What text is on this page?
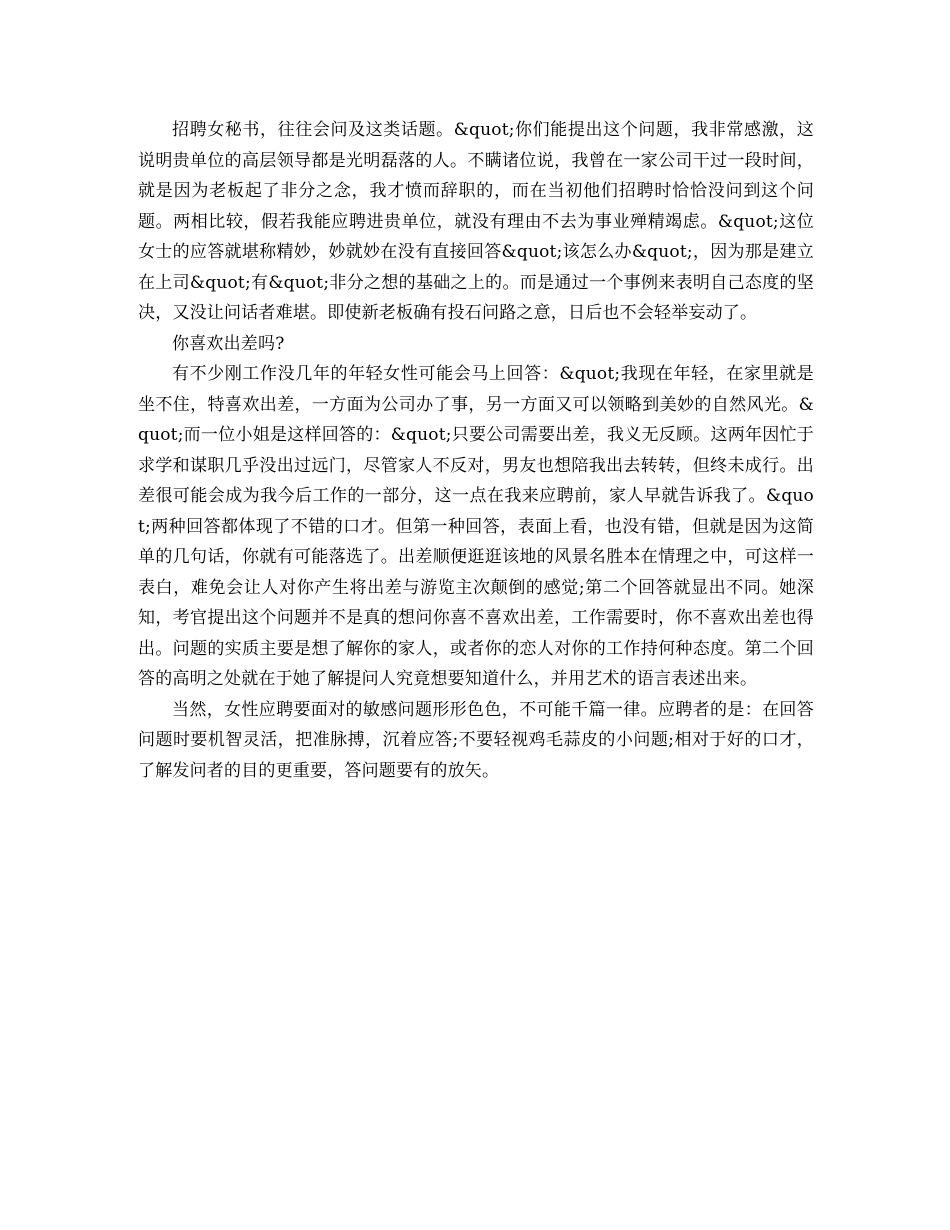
招聘女秘书，往往会问及这类话题。&quot;你们能提出这个问题，我非常感激，这说明贵单位的高层领导都是光明磊落的人。不瞒诸位说，我曾在一家公司干过一段时间，就是因为老板起了非分之念，我才愤而辞职的，而在当初他们招聘时恰恰没问到这个问题。两相比较，假若我能应聘进贵单位，就没有理由不去为事业殚精竭虑。&quot;这位女士的应答就堪称精妙，妙就妙在没有直接回答&quot;该怎么办&quot;，因为那是建立在上司&quot;有&quot;非分之想的基础之上的。而是通过一个事例来表明自己态度的坚决，又没让问话者难堪。即使新老板确有投石问路之意，日后也不会轻举妄动了。

你喜欢出差吗?

有不少刚工作没几年的年轻女性可能会马上回答：&quot;我现在年轻，在家里就是坐不住，特喜欢出差，一方面为公司办了事，另一方面又可以领略到美妙的自然风光。&quot;而一位小姐是这样回答的：&quot;只要公司需要出差，我义无反顾。这两年因忙于求学和谋职几乎没出过远门，尽管家人不反对，男友也想陪我出去转转，但终未成行。出差很可能会成为我今后工作的一部分，这一点在我来应聘前，家人早就告诉我了。&quot;两种回答都体现了不错的口才。但第一种回答，表面上看，也没有错，但就是因为这简单的几句话，你就有可能落选了。出差顺便逛逛该地的风景名胜本在情理之中，可这样一表白，难免会让人对你产生将出差与游览主次颠倒的感觉;第二个回答就显出不同。她深知，考官提出这个问题并不是真的想问你喜不喜欢出差，工作需要时，你不喜欢出差也得出。问题的实质主要是想了解你的家人，或者你的恋人对你的工作持何种态度。第二个回答的高明之处就在于她了解提问人究竟想要知道什么，并用艺术的语言表述出来。

当然，女性应聘要面对的敏感问题形形色色，不可能千篇一律。应聘者的是：在回答问题时要机智灵活，把准脉搏，沉着应答;不要轻视鸡毛蒜皮的小问题;相对于好的口才，了解发问者的目的更重要，答问题要有的放矢。
